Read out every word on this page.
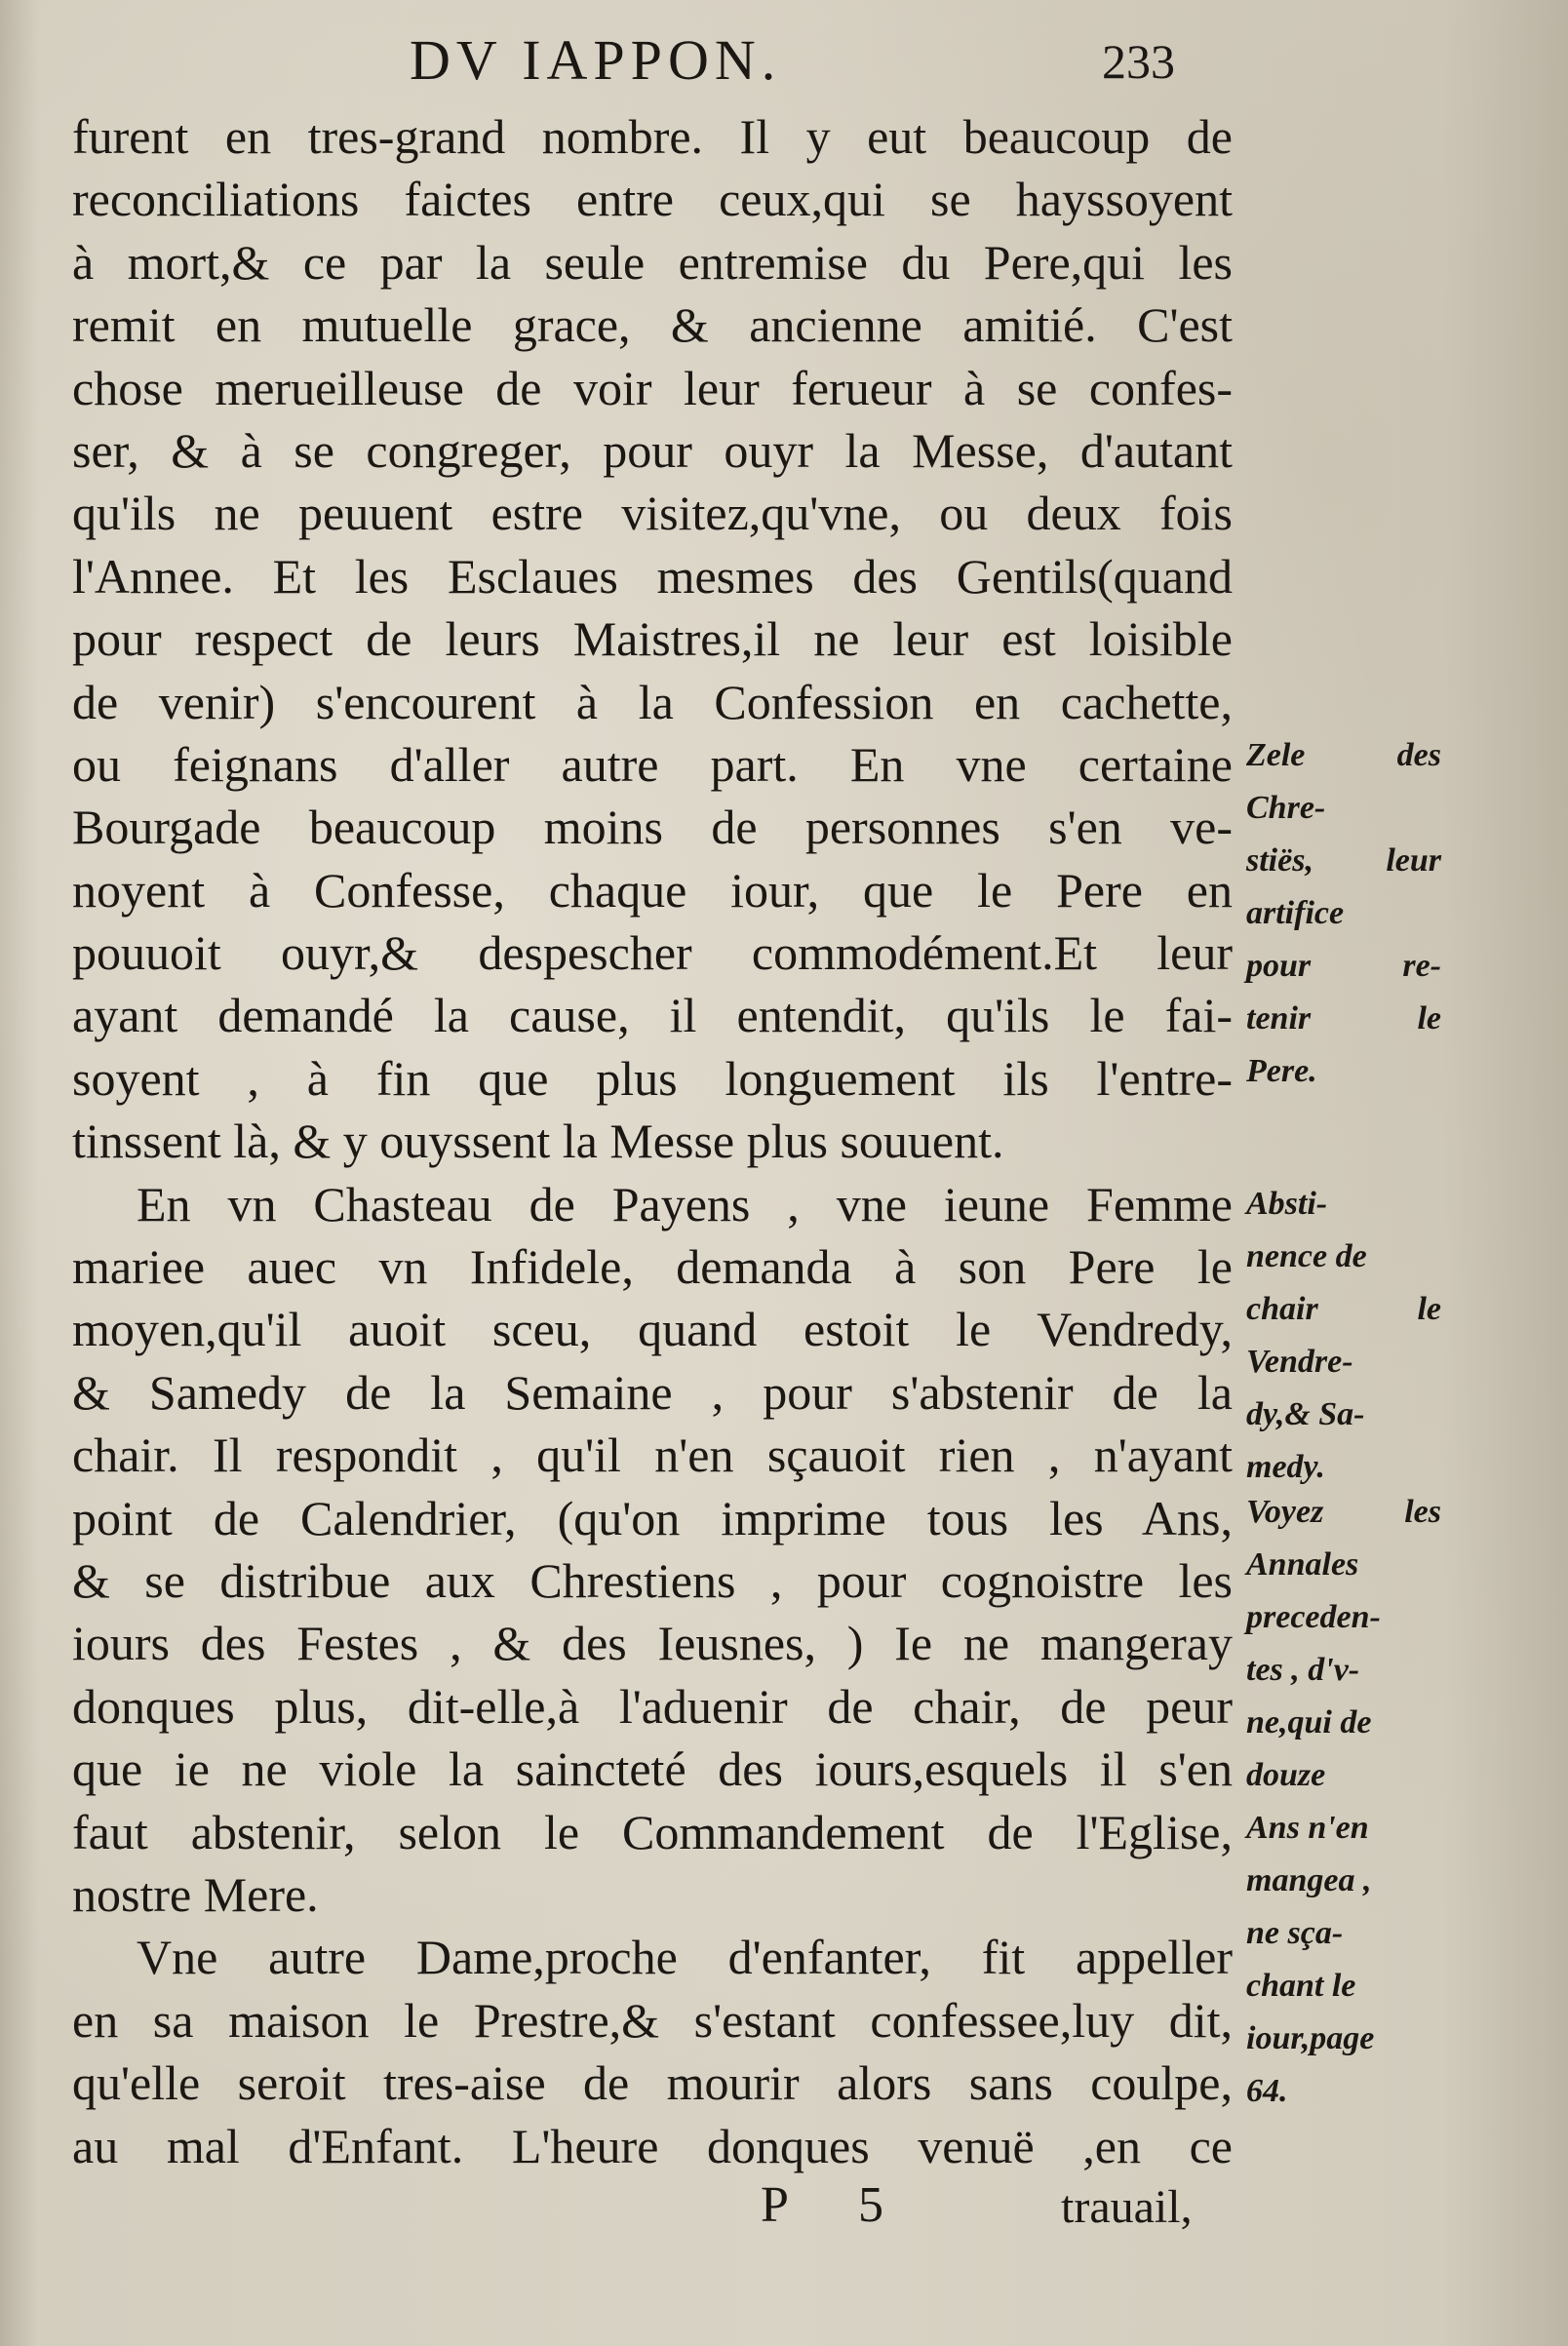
DV IAPPON.	233
furent en tres-grand nombre. Il y eut beaucoup de
reconciliations faictes entre ceux,qui se hayssoyent
à mort,& ce par la seule entremise du Pere,qui les
remit en mutuelle grace, & ancienne amitié. C'est
chose merueilleuse de voir leur ferueur à se confes-
ser, & à se congreger, pour ouyr la Messe, d'autant
qu'ils ne peuuent estre visitez,qu'vne, ou deux fois
l'Annee. Et les Esclaues mesmes des Gentils(quand
pour respect de leurs Maistres,il ne leur est loisible
de venir) s'encourent à la Confession en cachette,
ou feignans d'aller autre part. En vne certaine
Bourgade beaucoup moins de personnes s'en ve-
noyent à Confesse, chaque iour, que le Pere en
pouuoit ouyr,& despescher commodément.Et leur
ayant demandé la cause, il entendit, qu'ils le fai-
soyent , à fin que plus longuement ils l'entre-
tinssent là, & y ouyssent la Messe plus souuent.
En vn Chasteau de Payens , vne ieune Femme
mariee auec vn Infidele, demanda à son Pere le
moyen,qu'il auoit sceu, quand estoit le Vendredy,
& Samedy de la Semaine , pour s'abstenir de la
chair. Il respondit , qu'il n'en sçauoit rien , n'ayant
point de Calendrier, (qu'on imprime tous les Ans,
& se distribue aux Chrestiens , pour cognoistre les
iours des Festes , & des Ieusnes, ) Ie ne mangeray
donques plus, dit-elle,à l'aduenir de chair, de peur
que ie ne viole la saincteté des iours,esquels il s'en
faut abstenir, selon le Commandement de l'Eglise,
nostre Mere.
Vne autre Dame,proche d'enfanter, fit appeller
en sa maison le Prestre,& s'estant confessee,luy dit,
qu'elle seroit tres-aise de mourir alors sans coulpe,
au mal d'Enfant. L'heure donques venuë ,en ce
Zele des
Chre-
stiës, leur
artifice
pour re-
tenir le
Pere.
Absti-
nence de
chair le
Vendre-
dy,& Sa-
medy.
Voyez les
Annales
preceden-
tes , d'v-
ne,qui de
douze
Ans n'en
mangea ,
ne sça-
chant le
iour,page
64.
P 5	trauail,
